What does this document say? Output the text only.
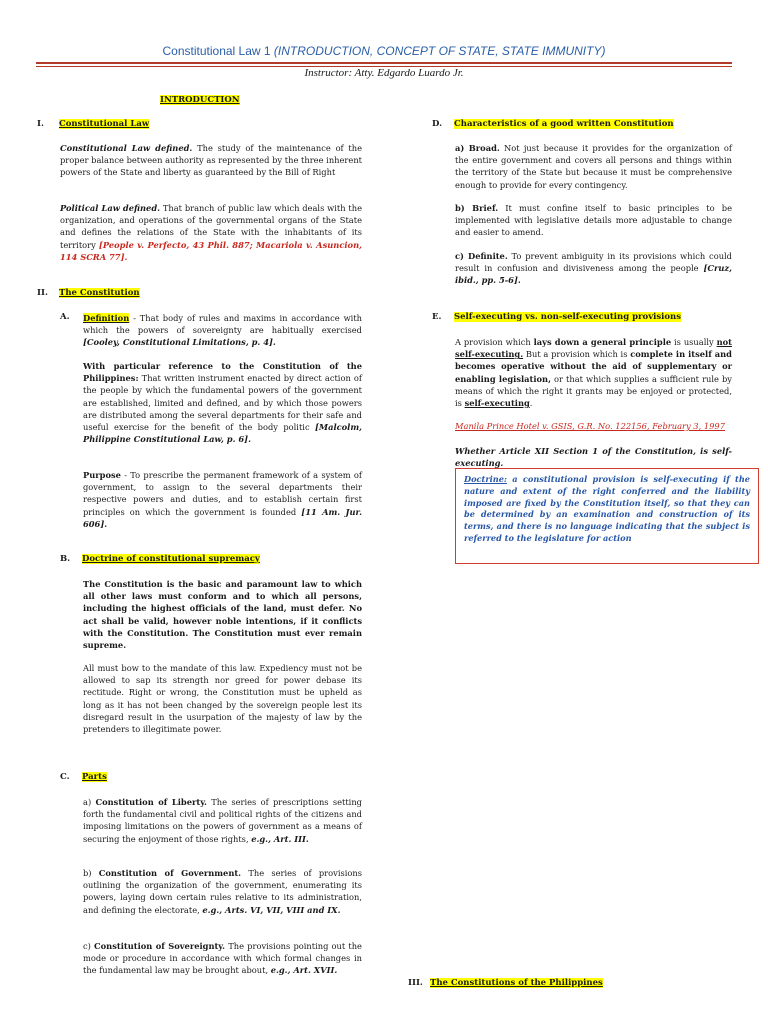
Constitutional Law 1 (INTRODUCTION, CONCEPT OF STATE, STATE IMMUNITY)
Instructor: Atty. Edgardo Luardo Jr.
INTRODUCTION
I. Constitutional Law
Constitutional Law defined. The study of the maintenance of the proper balance between authority as represented by the three inherent powers of the State and liberty as guaranteed by the Bill of Right
Political Law defined. That branch of public law which deals with the organization, and operations of the governmental organs of the State and defines the relations of the State with the inhabitants of its territory [People v. Perfecto, 43 Phil. 887; Macariola v. Asuncion, 114 SCRA 77].
II. The Constitution
A.	Definition - That body of rules and maxims in accordance with which the powers of sovereignty are habitually exercised [Cooley, Constitutional Limitations, p. 4].
With particular reference to the Constitution of the Philippines: That written instrument enacted by direct action of the people by which the fundamental powers of the government are established, limited and defined, and by which those powers are distributed among the several departments for their safe and useful exercise for the benefit of the body politic [Malcolm, Philippine Constitutional Law, p. 6].
Purpose - To prescribe the permanent framework of a system of government, to assign to the several departments their respective powers and duties, and to establish certain first principles on which the government is founded [11 Am. Jur. 606].
B. Doctrine of constitutional supremacy
The Constitution is the basic and paramount law to which all other laws must conform and to which all persons, including the highest officials of the land, must defer. No act shall be valid, however noble intentions, if it conflicts with the Constitution. The Constitution must ever remain supreme.
All must bow to the mandate of this law. Expediency must not be allowed to sap its strength nor greed for power debase its rectitude. Right or wrong, the Constitution must be upheld as long as it has not been changed by the sovereign people lest its disregard result in the usurpation of the majesty of law by the pretenders to illegitimate power.
C. Parts
a) Constitution of Liberty. The series of prescriptions setting forth the fundamental civil and political rights of the citizens and imposing limitations on the powers of government as a means of securing the enjoyment of those rights, e.g., Art. III.
b) Constitution of Government. The series of provisions outlining the organization of the government, enumerating its powers, laying down certain rules relative to its administration, and defining the electorate, e.g., Arts. VI, VII, VIII and IX.
c) Constitution of Sovereignty. The provisions pointing out the mode or procedure in accordance with which formal changes in the fundamental law may be brought about, e.g., Art. XVII.
D. Characteristics of a good written Constitution
a) Broad. Not just because it provides for the organization of the entire government and covers all persons and things within the territory of the State but because it must be comprehensive enough to provide for every contingency.
b) Brief. It must confine itself to basic principles to be implemented with legislative details more adjustable to change and easier to amend.
c) Definite. To prevent ambiguity in its provisions which could result in confusion and divisiveness among the people [Cruz, ibid., pp. 5-6].
E. Self-executing vs. non-self-executing provisions
A provision which lays down a general principle is usually not self-executing. But a provision which is complete in itself and becomes operative without the aid of supplementary or enabling legislation, or that which supplies a sufficient rule by means of which the right it grants may be enjoyed or protected, is self-executing.
Manila Prince Hotel v. GSIS, G.R. No. 122156, February 3, 1997
Whether Article XII Section 1 of the Constitution, is self-executing.
Doctrine: a constitutional provision is self-executing if the nature and extent of the right conferred and the liability imposed are fixed by the Constitution itself, so that they can be determined by an examination and construction of its terms, and there is no language indicating that the subject is referred to the legislature for action
III. The Constitutions of the Philippines
